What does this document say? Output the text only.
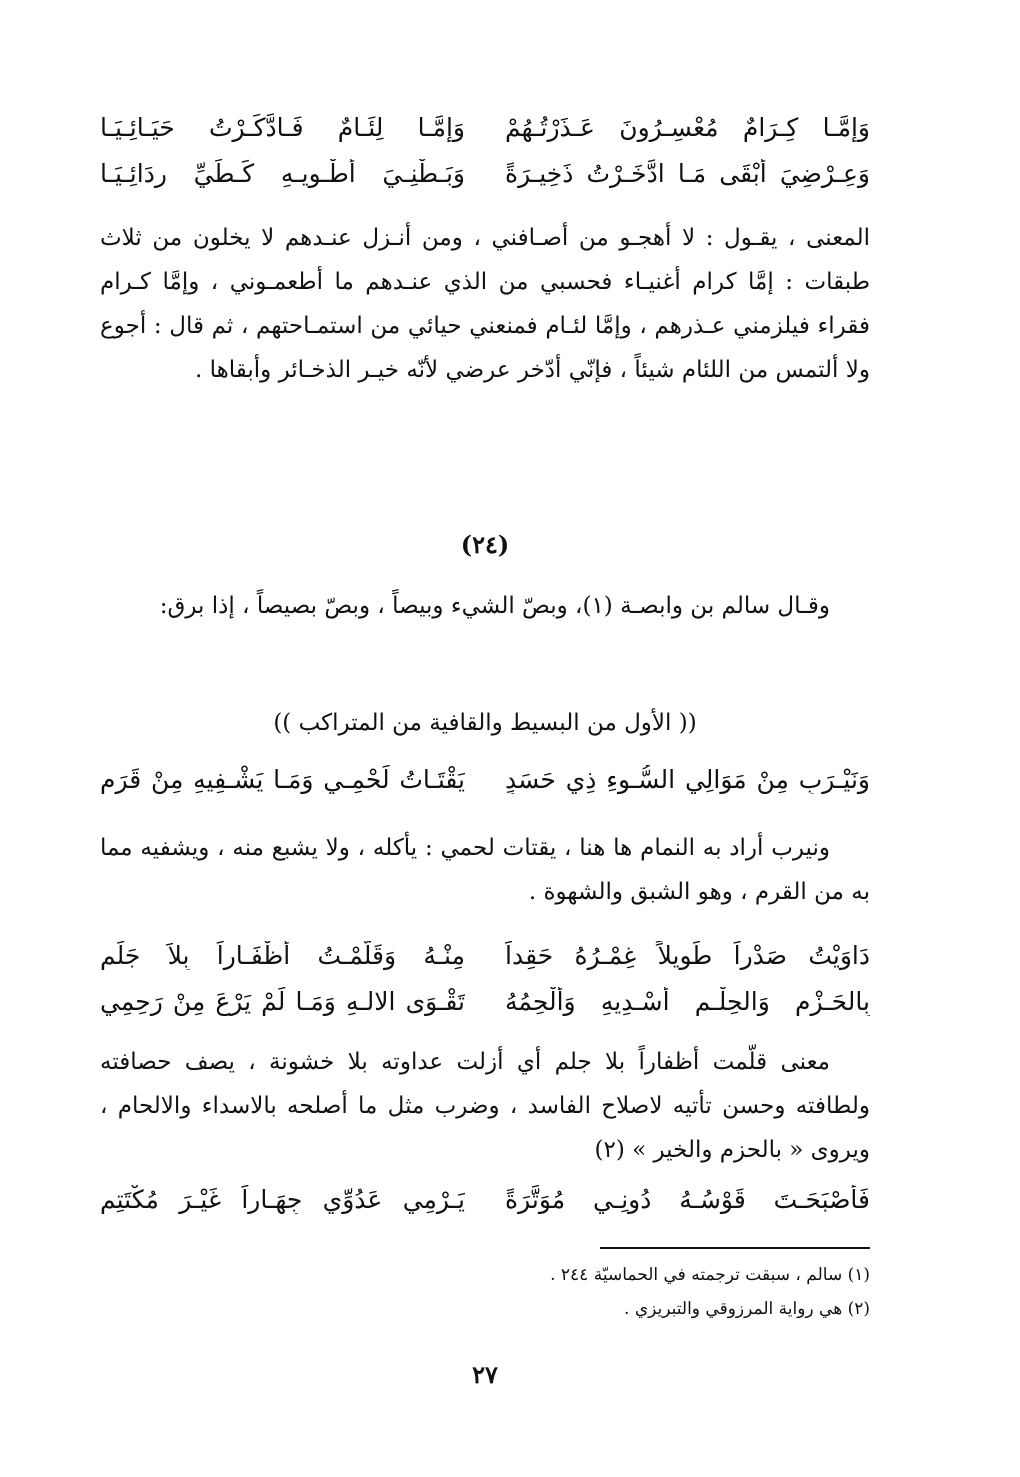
وَإِمَّـا كِـرَامٌ مُعْسِـرُونَ عَـذَرْتُـهُمْ
وَإِمَّـا لِئَـامٌ فَـادَّكَـرْتُ حَيَـائِـيَـا
وَعِـرْضِيَ أَبْقَى مَـا ادَّخَـرْتُ ذَخِيـرَةً
وَبَـطْنِـيَ أَطْـوِيـهِ كَـطَيِّ رِدَائِـيَـا

المعنى ، يقـول : لا أهجـو من أصـافني ، ومن أنـزل عنـدهم لا يخلون من ثلاث طبقات : إمَّا كرام أغنيـاء فحسبي من الذي عنـدهم ما أطعمـوني ، وإمَّا كـرام فقراء فيلزمني عـذرهم ، وإمَّا لئـام فمنعني حيائي من استمـاحتهم ، ثم قال : أجوع ولا ألتمس من اللئام شيئاً ، فإنّي أدّخر عرضي لأنّه خيـر الذخـائر وأبقاها .

(٢٤)

وقـال سالم بن وابصـة (١)، وبصّ الشيء وبيصاً ، وبصّ بصيصاً ، إذا برق:

(( الأول من البسيط والقافية من المتراكب ))
وَنَيْـرَبٍ مِنْ مَوَالِي السُّـوءِ ذِي حَسَدٍ
يَقْتَـاتُ لَحْمِـي وَمَـا يَشْـفِيهِ مِنْ قَرَمِ

ونيرب أراد به النمام ها هنا ، يقتات لحمي : يأكله ، ولا يشبع منه ، ويشفيه مما به من القرم ، وهو الشبق والشهوة .

دَاوَيْتُ صَدْراً طَوِيلاً غِمْـرُهُ حَقِداً
مِنْـهُ وَقَلَّمْـتُ أَظْفَـاراً بِلاَ جَلَمِ
بِالحَـزْمِ وَالحِلْـمِ أُسْـدِيهِ وَأُلْحِمُهُ
تَقْـوَى الالـهِ وَمَـا لَمْ يَرْعَ مِنْ رَحِمِي

معنى قلّمت أظفاراً بلا جلم أي أزلت عداوته بلا خشونة ، يصف حصافته ولطافته وحسن تأتيه لاصلاح الفاسد ، وضرب مثل ما أصلحه بالاسداء والالحام ، ويروى « بالحزم والخير » (٢)

فَأَصْبَحَـتَ قَوْسُـهُ دُونِـي مُوَتَّرَةً
يَـرْمِي عَدُوِّي جِهَـاراً غَيْـرَ مُكْتَتِمِ

(١) سالم ، سبقت ترجمته في الحماسيّة ٢٤٤ .

(٢) هي رواية المرزوقي والتبريزي .

٢٧
